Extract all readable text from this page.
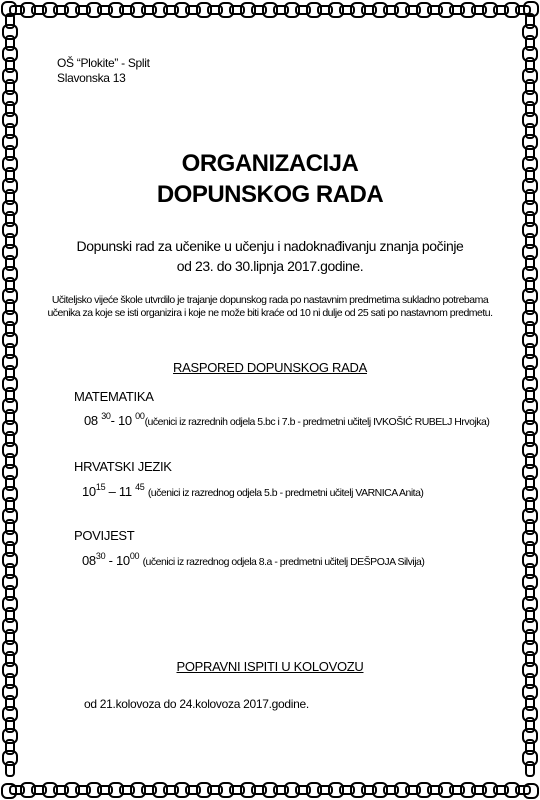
OŠ “Plokite” - Split
Slavonska 13
ORGANIZACIJA
DOPUNSKOG RADA
Dopunski rad za učenike u učenju i nadoknađivanju znanja počinje
od 23. do 30.lipnja 2017.godine.
Učiteljsko vijeće škole utvrdilo je trajanje dopunskog rada po nastavnim predmetima sukladno potrebama
učenika za koje se isti organizira i koje ne može biti kraće od 10 ni dulje od 25 sati po nastavnom predmetu.
RASPORED DOPUNSKOG RADA
MATEMATIKA
08 $^{30}$- 10 $^{00}$(učenici iz razrednih odjela 5.bc i 7.b - predmetni učitelj IVKOŠIĆ RUBELJ Hrvojka)
HRVATSKI JEZIK
$10^{15} - 11$ $^{45}$ (učenici iz razrednog odjela 5.b - predmetni učitelj VARNICA Anita)
POVIJEST
$08^{30} - 10^{00}$ (učenici iz razrednog odjela 8.a - predmetni učitelj DEŠPOJA Silvija)
POPRAVNI ISPITI U KOLOVOZU
od 21.kolovoza do 24.kolovoza 2017.godine.
